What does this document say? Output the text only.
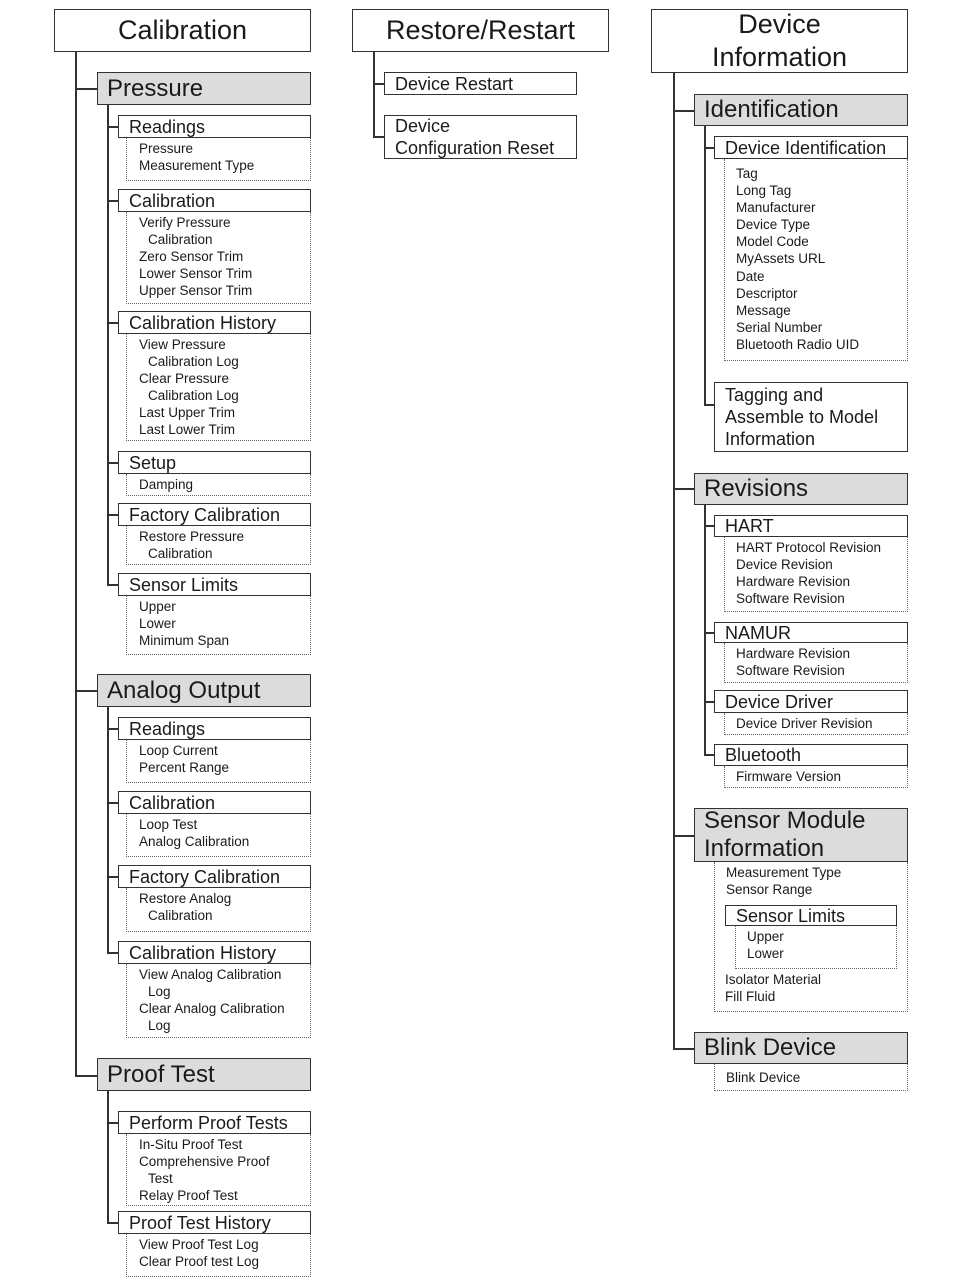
Calibration
Pressure
Readings
Pressure
Measurement Type
Calibration
Verify Pressure
Calibration
Zero Sensor Trim
Lower Sensor Trim
Upper Sensor Trim
Calibration History
View Pressure
Calibration Log
Clear Pressure
Calibration Log
Last Upper Trim
Last Lower Trim
Setup
Damping
Factory Calibration
Restore Pressure
Calibration
Sensor Limits
Upper
Lower
Minimum Span
Analog Output
Readings
Loop Current
Percent Range
Calibration
Loop Test
Analog Calibration
Factory Calibration
Restore Analog
Calibration
Calibration History
View Analog Calibration
Log
Clear Analog Calibration
Log
Proof Test
Perform Proof Tests
In-Situ Proof Test
Comprehensive Proof
Test
Relay Proof Test
Proof Test History
View Proof Test Log
Clear Proof test Log
Restore/Restart
Device Restart
Device
Configuration Reset
Device
Information
Identification
Device Identification
Tag
Long Tag
Manufacturer
Device Type
Model Code
MyAssets URL
Date
Descriptor
Message
Serial Number
Bluetooth Radio UID
Tagging and
Assemble to Model
Information
Revisions
HART
HART Protocol Revision
Device Revision
Hardware Revision
Software Revision
NAMUR
Hardware Revision
Software Revision
Device Driver
Device Driver Revision
Bluetooth
Firmware Version
Sensor Module
Information
Measurement Type
Sensor Range
Sensor Limits
Upper
Lower
Isolator Material
Fill Fluid
Blink Device
Blink Device
